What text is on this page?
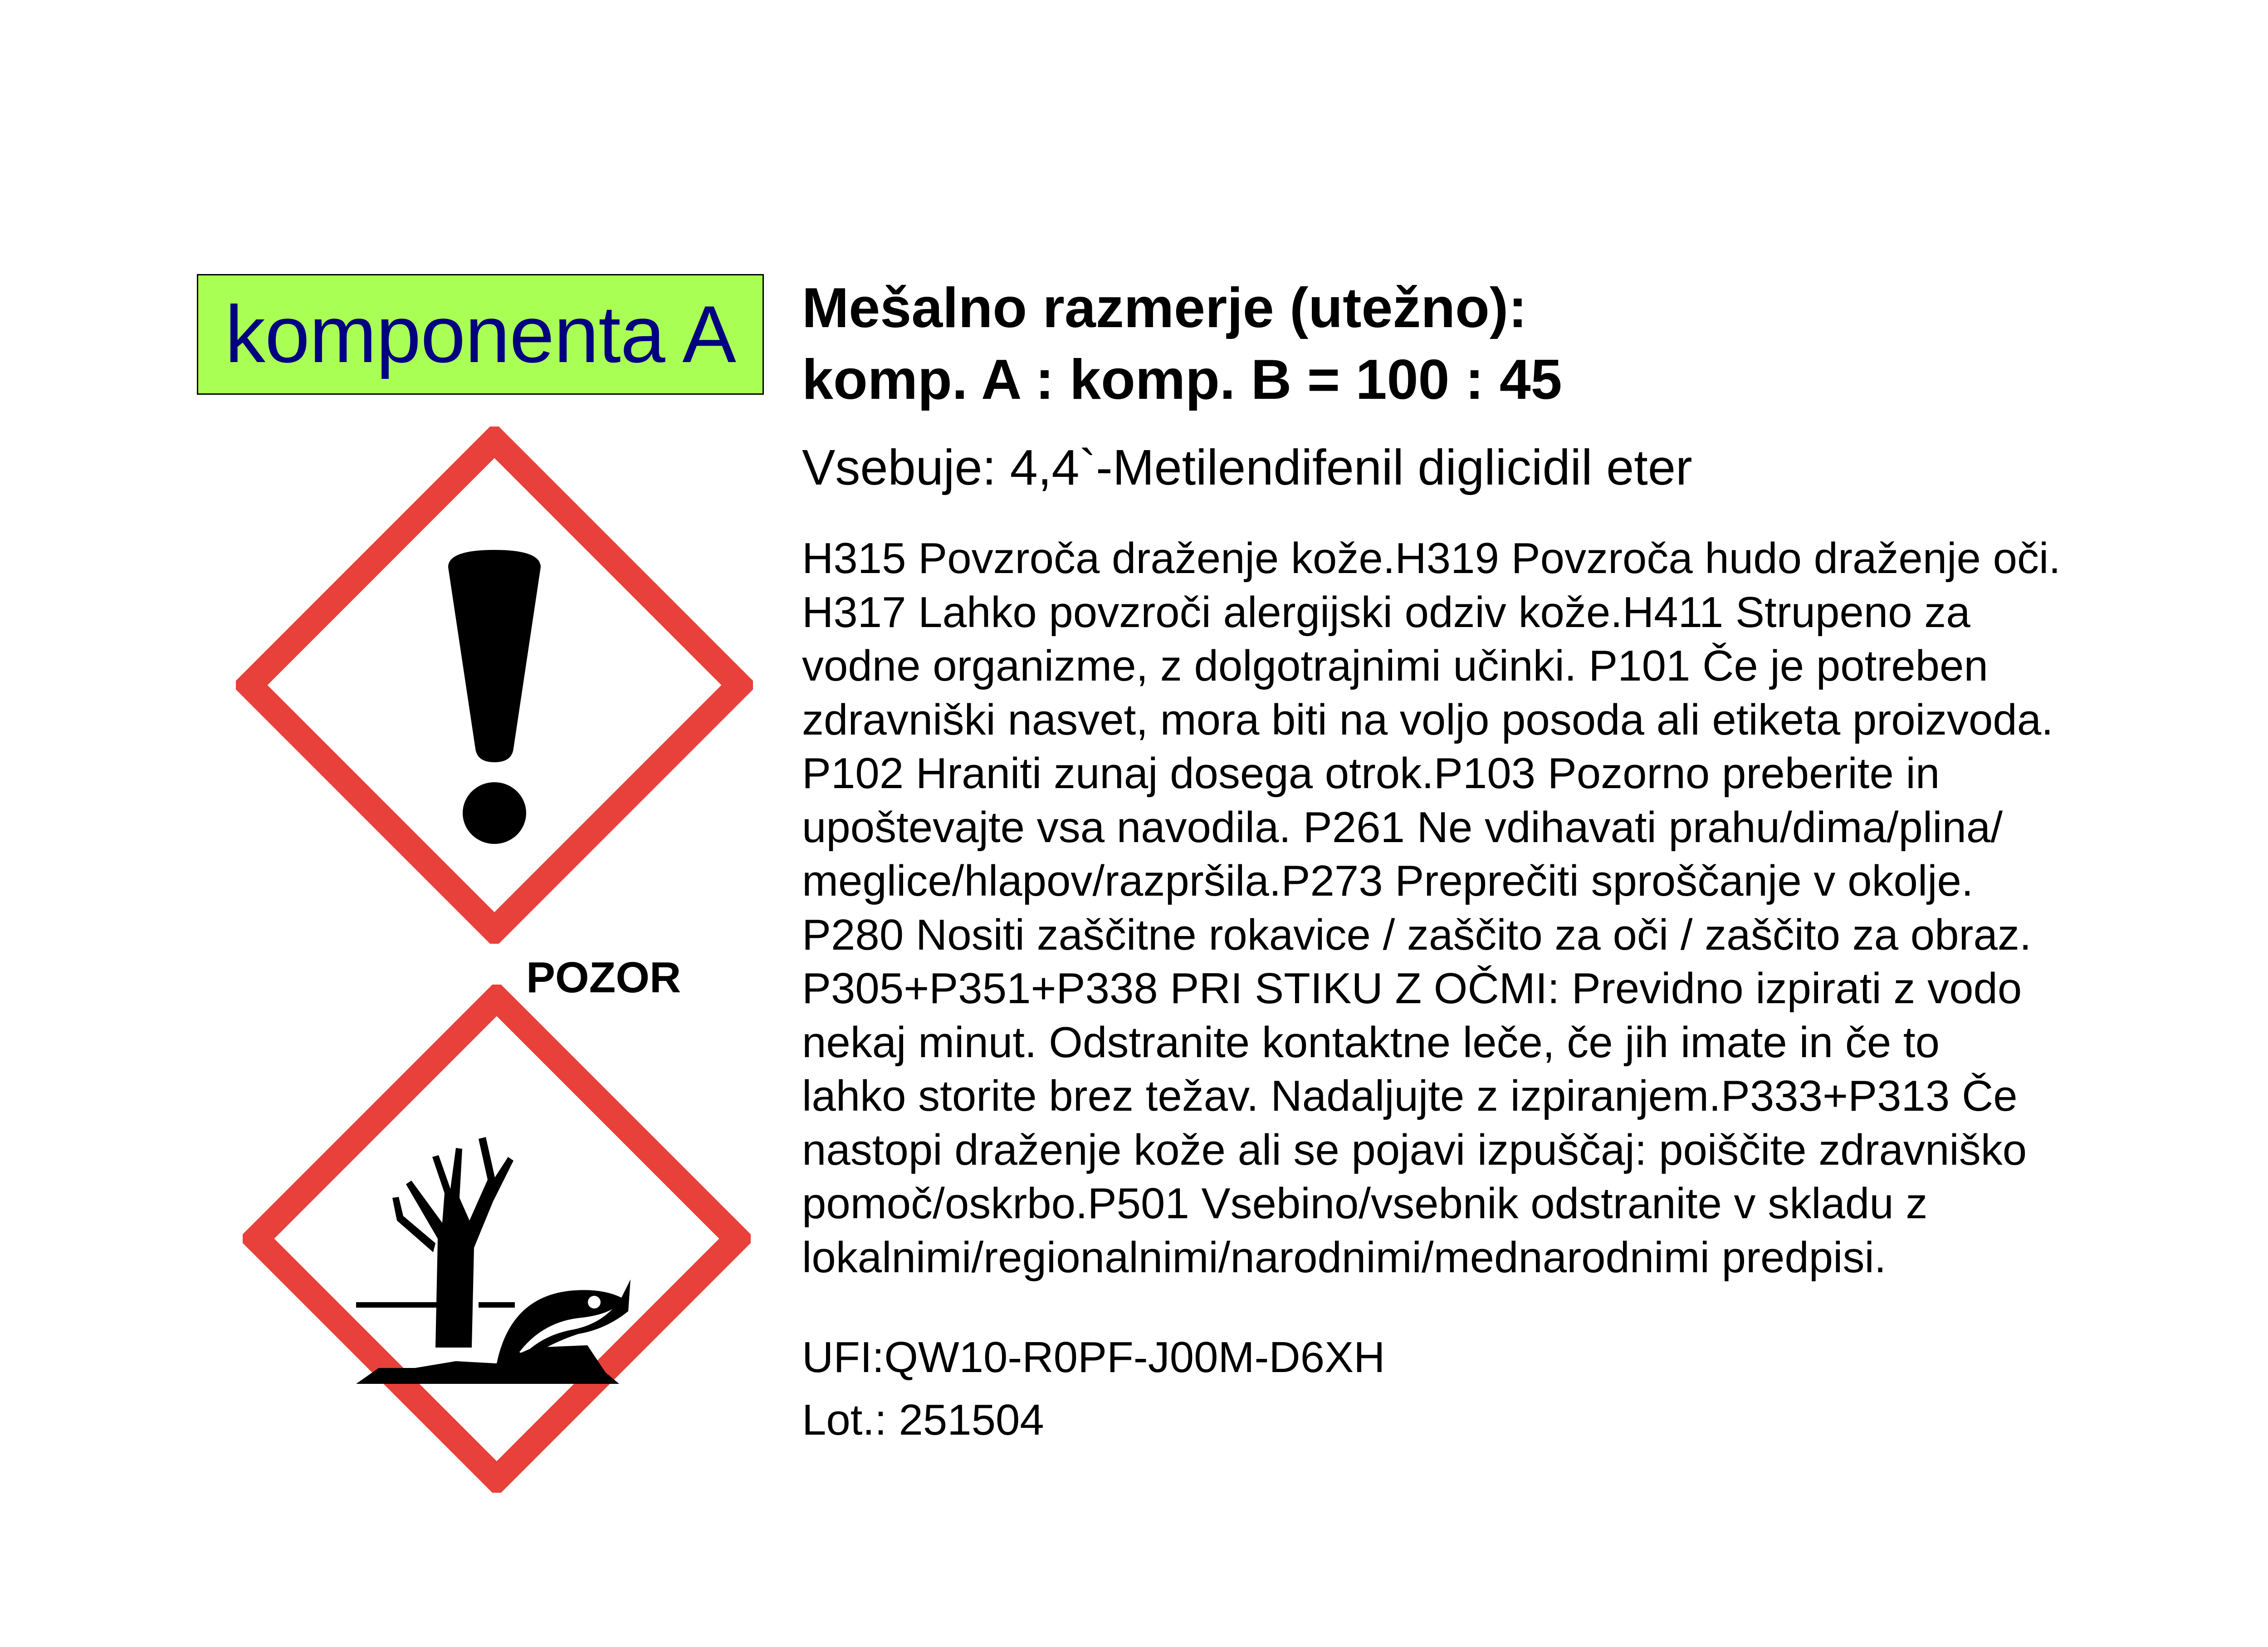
komponenta A	Mešalno razmerje (utežno):
komp. A : komp. B = 100 : 45
Vsebuje: 4,4`-Metilendifenil diglicidil eter
H315 Povzroča draženje kože.H319 Povzroča hudo draženje oči.
H317 Lahko povzroči alergijski odziv kože.H411 Strupeno za
vodne organizme, z dolgotrajnimi učinki. P101 Če je potreben
zdravniški nasvet, mora biti na voljo posoda ali etiketa proizvoda.
P102 Hraniti zunaj dosega otrok.P103 Pozorno preberite in
upoštevajte vsa navodila. P261 Ne vdihavati prahu/dima/plina/
meglice/hlapov/razpršila.P273 Preprečiti sproščanje v okolje.
P280 Nositi zaščitne rokavice / zaščito za oči / zaščito za obraz.
P305+P351+P338 PRI STIKU Z OČMI: Previdno izpirati z vodo
nekaj minut. Odstranite kontaktne leče, če jih imate in če to
lahko storite brez težav. Nadaljujte z izpiranjem.P333+P313 Če
nastopi draženje kože ali se pojavi izpuščaj: poiščite zdravniško
pomoč/oskrbo.P501 Vsebino/vsebnik odstranite v skladu z
lokalnimi/regionalnimi/narodnimi/mednarodnimi predpisi.
UFI:QW10-R0PF-J00M-D6XH
Lot.: 251504
POZOR
